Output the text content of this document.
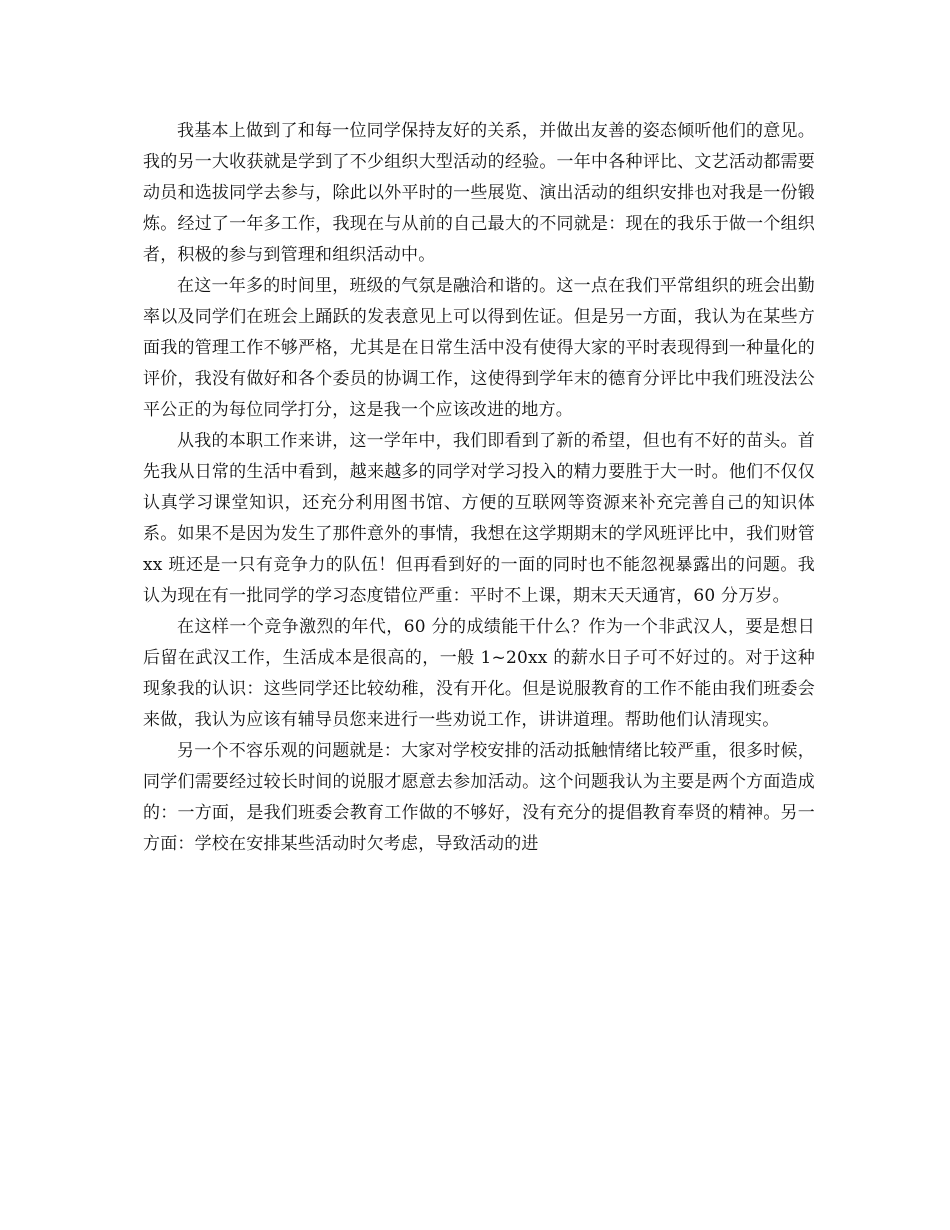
我基本上做到了和每一位同学保持友好的关系，并做出友善的姿态倾听他们的意见。我的另一大收获就是学到了不少组织大型活动的经验。一年中各种评比、文艺活动都需要动员和选拔同学去参与，除此以外平时的一些展览、演出活动的组织安排也对我是一份锻炼。经过了一年多工作，我现在与从前的自己最大的不同就是：现在的我乐于做一个组织者，积极的参与到管理和组织活动中。

在这一年多的时间里，班级的气氛是融洽和谐的。这一点在我们平常组织的班会出勤率以及同学们在班会上踊跃的发表意见上可以得到佐证。但是另一方面，我认为在某些方面我的管理工作不够严格，尤其是在日常生活中没有使得大家的平时表现得到一种量化的评价，我没有做好和各个委员的协调工作，这使得到学年末的德育分评比中我们班没法公平公正的为每位同学打分，这是我一个应该改进的地方。

从我的本职工作来讲，这一学年中，我们即看到了新的希望，但也有不好的苗头。首先我从日常的生活中看到，越来越多的同学对学习投入的精力要胜于大一时。他们不仅仅认真学习课堂知识，还充分利用图书馆、方便的互联网等资源来补充完善自己的知识体系。如果不是因为发生了那件意外的事情，我想在这学期期末的学风班评比中，我们财管 xx 班还是一只有竞争力的队伍！但再看到好的一面的同时也不能忽视暴露出的问题。我认为现在有一批同学的学习态度错位严重：平时不上课，期末天天通宵，60 分万岁。

在这样一个竞争激烈的年代，60 分的成绩能干什么？作为一个非武汉人，要是想日后留在武汉工作，生活成本是很高的，一般 1~20xx 的薪水日子可不好过的。对于这种现象我的认识：这些同学还比较幼稚，没有开化。但是说服教育的工作不能由我们班委会来做，我认为应该有辅导员您来进行一些劝说工作，讲讲道理。帮助他们认清现实。

另一个不容乐观的问题就是：大家对学校安排的活动抵触情绪比较严重，很多时候，同学们需要经过较长时间的说服才愿意去参加活动。这个问题我认为主要是两个方面造成的：一方面，是我们班委会教育工作做的不够好，没有充分的提倡教育奉贤的精神。另一方面：学校在安排某些活动时欠考虑，导致活动的进
